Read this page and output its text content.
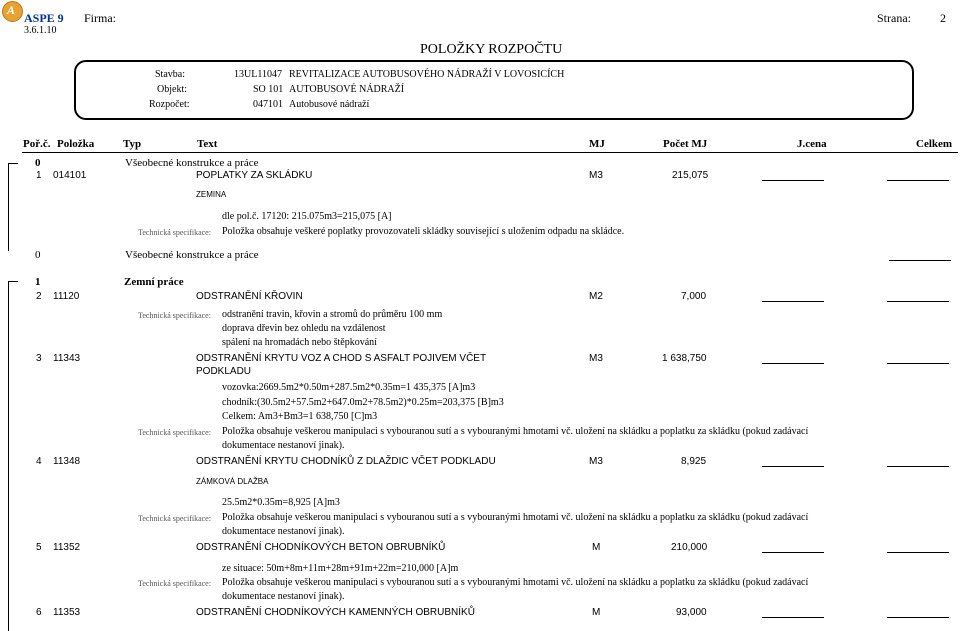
A
ASPE 9
3.6.1.10
Firma:	Strana: 2
POLOŽKY ROZPOČTU
Stavba:	13UL11047 REVITALIZACE AUTOBUSOVÉHO NÁDRAŽÍ V LOVOSICÍCH
Objekt:	SO 101 AUTOBUSOVÉ NÁDRAŽÍ
Rozpočet:	047101 Autobusové nádraží
Poř.č. Položka	Typ	Text	MJ	Počet MJ	J.cena	Celkem
0	Všeobecné konstrukce a práce
1 014101	POPLATKY ZA SKLÁDKU	M3	215,075
ZEMINA
dle pol.č. 17120: 215.075m3=215,075 [A]
Technická specifikace: Položka obsahuje veškeré poplatky provozovateli skládky související s uložením odpadu na skládce.
0	Všeobecné konstrukce a práce
1	Zemní práce
2 11120	ODSTRANĚNÍ KŘOVIN	M2	7,000
Technická specifikace: odstranění travin, křovin a stromů do průměru 100 mm
doprava dřevin bez ohledu na vzdálenost
spálení na hromadách nebo štěpkování
3 11343	ODSTRANĚNÍ KRYTU VOZ A CHOD S ASFALT POJIVEM VČET
PODKLADU
M3	1 638,750
vozovka:2669.5m2*0.50m+287.5m2*0.35m=1 435,375 [A]m3
chodník:(30.5m2+57.5m2+647.0m2+78.5m2)*0.25m=203,375 [B]m3
Celkem: Am3+Bm3=1 638,750 [C]m3
Technická specifikace: Položka obsahuje veškerou manipulaci s vybouranou sutí a s vybouranými hmotami vč. uložení na skládku a poplatku za skládku (pokud zadávací
dokumentace nestanoví jinak).
4 11348	ODSTRANĚNÍ KRYTU CHODNÍKŮ Z DLAŽDIC VČET PODKLADU	M3	8,925
ZÁMKOVÁ DLAŽBA
25.5m2*0.35m=8,925 [A]m3
Technická specifikace: Položka obsahuje veškerou manipulaci s vybouranou sutí a s vybouranými hmotami vč. uložení na skládku a poplatku za skládku (pokud zadávací
dokumentace nestanoví jinak).
5 11352	ODSTRANĚNÍ CHODNÍKOVÝCH BETON OBRUBNÍKŮ	M	210,000
ze situace: 50m+8m+11m+28m+91m+22m=210,000 [A]m
Technická specifikace: Položka obsahuje veškerou manipulaci s vybouranou sutí a s vybouranými hmotami vč. uložení na skládku a poplatku za skládku (pokud zadávací
dokumentace nestanoví jinak).
6 11353	ODSTRANĚNÍ CHODNÍKOVÝCH KAMENNÝCH OBRUBNÍKŮ	M	93,000
